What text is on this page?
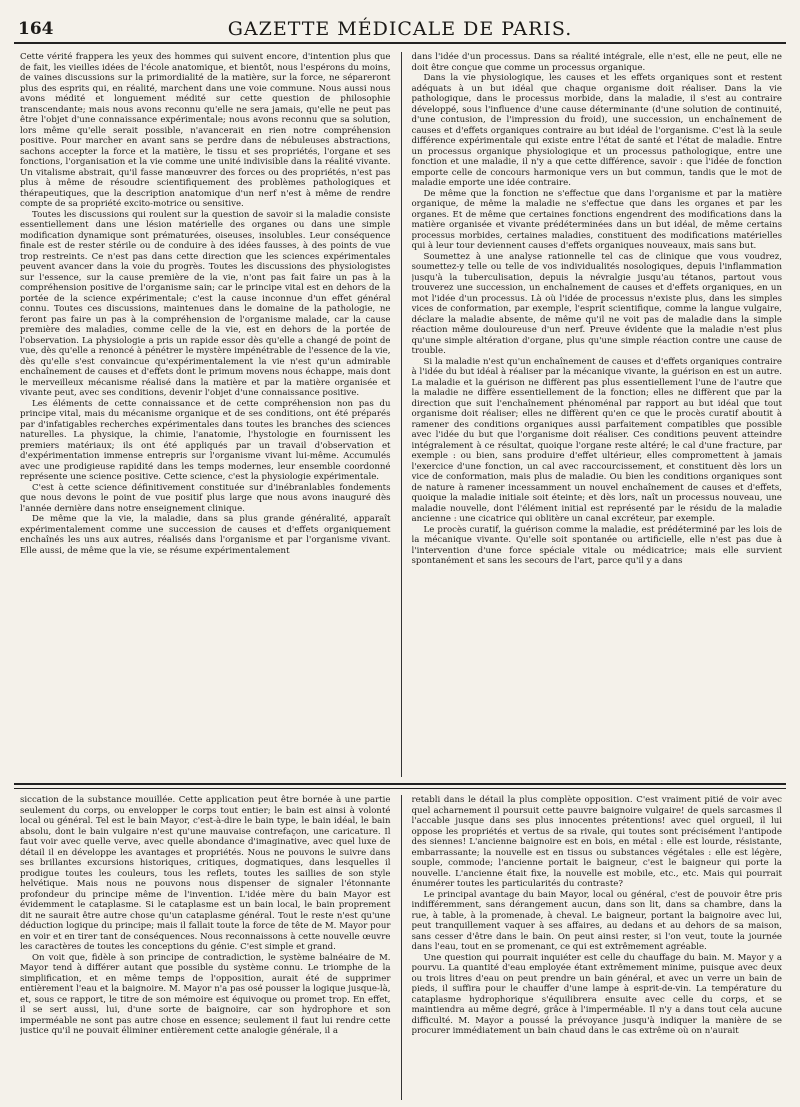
164	GAZETTE MÉDICALE DE PARIS.

Cette vérité frappera les yeux des hommes qui suivent encore, d'intention plus que de fait, les vieilles idées de l'école anatomique, et bientôt, nous l'espérons du moins, de vaines discussions sur la primordialité de la matière, sur la force, ne sépareront plus des esprits qui, en réalité, marchent dans une voie commune. Nous aussi nous avons médité et longuement médité sur cette question de philosophie transcendante; mais nous avons reconnu qu'elle ne sera jamais, qu'elle ne peut pas être l'objet d'une connaissance expérimentale; nous avons reconnu que sa solution, lors même qu'elle serait possible, n'avancerait en rien notre compréhension positive. Pour marcher en avant sans se perdre dans de nébuleuses abstractions, sachons accepter la force et la matière, le tissu et ses propriétés, l'organe et ses fonctions, l'organisation et la vie comme une unité indivisible dans la réalité vivante. Un vitalisme abstrait, qu'il fasse manœuvrer des forces ou des propriétés, n'est pas plus à même de résoudre scientifiquement des problèmes pathologiques et thérapeutiques, que la description anatomique d'un nerf n'est à même de rendre compte de sa propriété excito-motrice ou sensitive.

Toutes les discussions qui roulent sur la question de savoir si la maladie consiste essentiellement dans une lésion matérielle des organes ou dans une simple modification dynamique sont prématurées, oiseuses, insolubles. Leur conséquence finale est de rester stérile ou de conduire à des idées fausses, à des points de vue trop restreints. Ce n'est pas dans cette direction que les sciences expérimentales peuvent avancer dans la voie du progrès. Toutes les discussions des physiologistes sur l'essence, sur la cause première de la vie, n'ont pas fait faire un pas à la compréhension positive de l'organisme sain; car le principe vital est en dehors de la portée de la science expérimentale; c'est la cause inconnue d'un effet général connu. Toutes ces discussions, maintenues dans le domaine de la pathologie, ne feront pas faire un pas à la compréhension de l'organisme malade, car la cause première des maladies, comme celle de la vie, est en dehors de la portée de l'observation. La physiologie a pris un rapide essor dès qu'elle a changé de point de vue, dès qu'elle a renoncé à pénétrer le mystère impénétrable de l'essence de la vie, dès qu'elle s'est convaincue qu'expérimentalement la vie n'est qu'un admirable enchaînement de causes et d'effets dont le primum movens nous échappe, mais dont le merveilleux mécanisme réalisé dans la matière et par la matière organisée et vivante peut, avec ses conditions, devenir l'objet d'une connaissance positive.

Les éléments de cette connaissance et de cette compréhension non pas du principe vital, mais du mécanisme organique et de ses conditions, ont été préparés par d'infatigables recherches expérimentales dans toutes les branches des sciences naturelles. La physique, la chimie, l'anatomie, l'hystologie en fournissent les premiers matériaux; ils ont été appliqués par un travail d'observation et d'expérimentation immense entrepris sur l'organisme vivant lui-même. Accumulés avec une prodigieuse rapidité dans les temps modernes, leur ensemble coordonné représente une science positive. Cette science, c'est la physiologie expérimentale.

C'est à cette science définitivement constituée sur d'inébranlables fondements que nous devons le point de vue positif plus large que nous avons inauguré dès l'année dernière dans notre enseignement clinique.

De même que la vie, la maladie, dans sa plus grande généralité, apparaît expérimentalement comme une succession de causes et d'effets organiquement enchaînés les uns aux autres, réalisés dans l'organisme et par l'organisme vivant. Elle aussi, de même que la vie, se résume expérimentalement

dans l'idée d'un processus. Dans sa réalité intégrale, elle n'est, elle ne peut, elle ne doit être conçue que comme un processus organique.

Dans la vie physiologique, les causes et les effets organiques sont et restent adéquats à un but idéal que chaque organisme doit réaliser. Dans la vie pathologique, dans le processus morbide, dans la maladie, il s'est au contraire développé, sous l'influence d'une cause déterminante (d'une solution de continuité, d'une contusion, de l'impression du froid), une succession, un enchaînement de causes et d'effets organiques contraire au but idéal de l'organisme. C'est là la seule différence expérimentale qui existe entre l'état de santé et l'état de maladie. Entre un processus organique physiologique et un processus pathologique, entre une fonction et une maladie, il n'y a que cette différence, savoir : que l'idée de fonction emporte celle de concours harmonique vers un but commun, tandis que le mot de maladie emporte une idée contraire.

De même que la fonction ne s'effectue que dans l'organisme et par la matière organique, de même la maladie ne s'effectue que dans les organes et par les organes. Et de même que certaines fonctions engendrent des modifications dans la matière organisée et vivante prédéterminées dans un but idéal, de même certains processus morbides, certaines maladies, constituent des modifications matérielles qui à leur tour deviennent causes d'effets organiques nouveaux, mais sans but.

Soumettez à une analyse rationnelle tel cas de clinique que vous voudrez, soumettez-y telle ou telle de vos individualités nosologiques, depuis l'inflammation jusqu'à la tuberculisation, depuis la névralgie jusqu'au tétanos, partout vous trouverez une succession, un enchaînement de causes et d'effets organiques, en un mot l'idée d'un processus. Là où l'idée de processus n'existe plus, dans les simples vices de conformation, par exemple, l'esprit scientifique, comme la langue vulgaire, déclare la maladie absente, de même qu'il ne voit pas de maladie dans la simple réaction même douloureuse d'un nerf. Preuve évidente que la maladie n'est plus qu'une simple altération d'organe, plus qu'une simple réaction contre une cause de trouble.

Si la maladie n'est qu'un enchaînement de causes et d'effets organiques contraire à l'idée du but idéal à réaliser par la mécanique vivante, la guérison en est un autre. La maladie et la guérison ne diffèrent pas plus essentiellement l'une de l'autre que la maladie ne diffère essentiellement de la fonction; elles ne diffèrent que par la direction que suit l'enchaînement phénoménal par rapport au but idéal que tout organisme doit réaliser; elles ne diffèrent qu'en ce que le procès curatif aboutit à ramener des conditions organiques aussi parfaitement compatibles que possible avec l'idée du but que l'organisme doit réaliser. Ces conditions peuvent atteindre intégralement à ce résultat, quoique l'organe reste altéré; le cal d'une fracture, par exemple : ou bien, sans produire d'effet ultérieur, elles compromettent à jamais l'exercice d'une fonction, un cal avec raccourcissement, et constituent dès lors un vice de conformation, mais plus de maladie. Ou bien les conditions organiques sont de nature à ramener incessamment un nouvel enchaînement de causes et d'effets, quoique la maladie initiale soit éteinte; et dès lors, naît un processus nouveau, une maladie nouvelle, dont l'élément initial est représenté par le résidu de la maladie ancienne : une cicatrice qui oblitère un canal excréteur, par exemple.

Le procès curatif, la guérison comme la maladie, est prédéterminé par les lois de la mécanique vivante. Qu'elle soit spontanée ou artificielle, elle n'est pas due à l'intervention d'une force spéciale vitale ou médicatrice; mais elle survient spontanément et sans les secours de l'art, parce qu'il y a dans

siccation de la substance mouillée. Cette application peut être bornée à une partie seulement du corps, ou envelopper le corps tout entier; le bain est ainsi à volonté local ou général. Tel est le bain Mayor, c'est-à-dire le bain type, le bain idéal, le bain absolu, dont le bain vulgaire n'est qu'une mauvaise contrefaçon, une caricature. Il faut voir avec quelle verve, avec quelle abondance d'imaginative, avec quel luxe de détail il en développe les avantages et propriétés. Nous ne pouvons le suivre dans ses brillantes excursions historiques, critiques, dogmatiques, dans lesquelles il prodigue toutes les couleurs, tous les reflets, toutes les saillies de son style helvétique. Mais nous ne pouvons nous dispenser de signaler l'étonnante profondeur du principe même de l'invention. L'idée mère du bain Mayor est évidemment le cataplasme. Si le cataplasme est un bain local, le bain proprement dit ne saurait être autre chose qu'un cataplasme général. Tout le reste n'est qu'une déduction logique du principe; mais il fallait toute la force de tête de M. Mayor pour en voir et en tirer tant de conséquences. Nous reconnaissons à cette nouvelle œuvre les caractères de toutes les conceptions du génie. C'est simple et grand.

On voit que, fidèle à son principe de contradiction, le système balnéaire de M. Mayor tend à différer autant que possible du système connu. Le triomphe de la simplification, et en même temps de l'opposition, aurait été de supprimer entièrement l'eau et la baignoire. M. Mayor n'a pas osé pousser la logique jusque-là, et, sous ce rapport, le titre de son mémoire est équivoque ou promet trop. En effet, il se sert aussi, lui, d'une sorte de baignoire, car son hydrophore et son imperméable ne sont pas autre chose en essence; seulement il faut lui rendre cette justice qu'il ne pouvait éliminer entièrement cette analogie générale, il a

retabli dans le détail la plus complète opposition. C'est vraiment pitié de voir avec quel acharnement il poursuit cette pauvre baignoire vulgaire! de quels sarcasmes il l'accable jusque dans ses plus innocentes prétentions! avec quel orgueil, il lui oppose les propriétés et vertus de sa rivale, qui toutes sont précisément l'antipode des siennes! L'ancienne baignoire est en bois, en métal : elle est lourde, résistante, embarrassante; la nouvelle est en tissus ou substances végétales : elle est légère, souple, commode; l'ancienne portait le baigneur, c'est le baigneur qui porte la nouvelle. L'ancienne était fixe, la nouvelle est mobile, etc., etc. Mais qui pourrait énumérer toutes les particularités du contraste?

Le principal avantage du bain Mayor, local ou général, c'est de pouvoir être pris indifféremment, sans dérangement aucun, dans son lit, dans sa chambre, dans la rue, à table, à la promenade, à cheval. Le baigneur, portant la baignoire avec lui, peut tranquillement vaquer à ses affaires, au dedans et au dehors de sa maison, sans cesser d'être dans le bain. On peut ainsi rester, si l'on veut, toute la journée dans l'eau, tout en se promenant, ce qui est extrêmement agréable.

Une question qui pourrait inquiéter est celle du chauffage du bain. M. Mayor y a pourvu. La quantité d'eau employée étant extrêmement minime, puisque avec deux ou trois litres d'eau on peut prendre un bain général, et avec un verre un bain de pieds, il suffira pour le chauffer d'une lampe à esprit-de-vin. La température du cataplasme hydrophorique s'équilibrera ensuite avec celle du corps, et se maintiendra au même degré, grâce à l'imperméable. Il n'y a dans tout cela aucune difficulté. M. Mayor a poussé la prévoyance jusqu'à indiquer la manière de se procurer immédiatement un bain chaud dans le cas extrême où on n'aurait
